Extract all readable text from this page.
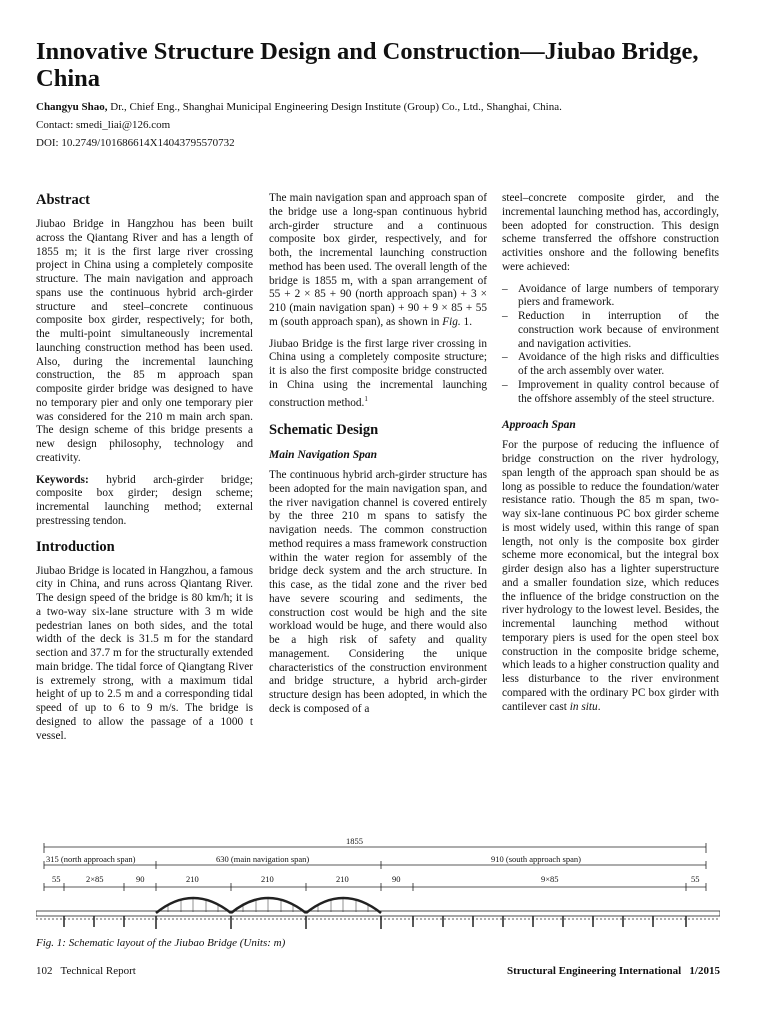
Innovative Structure Design and Construction—Jiubao Bridge, China
Changyu Shao, Dr., Chief Eng., Shanghai Municipal Engineering Design Institute (Group) Co., Ltd., Shanghai, China.
Contact: smedi_liai@126.com
DOI: 10.2749/101686614X14043795570732
Abstract

Jiubao Bridge in Hangzhou has been built across the Qiantang River and has a length of 1855 m; it is the first large river crossing project in China using a completely composite structure. The main navigation and approach spans use the continuous hybrid arch-girder structure and steel–concrete continuous composite box girder, respectively; for both, the multi-point simultaneously incremental launching construction method has been used. Also, during the incremental launching construction, the 85 m approach span composite girder bridge was designed to have no temporary pier and only one temporary pier was considered for the 210 m main arch span. The design scheme of this bridge presents a new design philosophy, technology and creativity.

Keywords: hybrid arch-girder bridge; composite box girder; design scheme; incremental launching method; external prestressing tendon.

Introduction

Jiubao Bridge is located in Hangzhou, a famous city in China, and runs across Qiantang River. The design speed of the bridge is 80 km/h; it is a two-way six-lane structure with 3 m wide pedestrian lanes on both sides, and the total width of the deck is 31.5 m for the standard section and 37.7 m for the structurally extended main bridge. The tidal force of Qiangtang River is extremely strong, with a maximum tidal height of up to 2.5 m and a corresponding tidal speed of up to 6 to 9 m/s. The bridge is designed to allow the passage of a 1000 t vessel.

The main navigation span and approach span of the bridge use a long-span continuous hybrid arch-girder structure and a continuous composite box girder, respectively, and for both, the incremental launching construction method has been used. The overall length of the bridge is 1855 m, with a span arrangement of 55 + 2 × 85 + 90 (north approach span) + 3 × 210 (main navigation span) + 90 + 9 × 85 + 55 m (south approach span), as shown in Fig. 1.

Jiubao Bridge is the first large river crossing in China using a completely composite structure; it is also the first composite bridge constructed in China using the incremental launching construction method.$^1$

Schematic Design
Main Navigation Span

The continuous hybrid arch-girder structure has been adopted for the main navigation span, and the river navigation channel is covered entirely by the three 210 m spans to satisfy the navigation needs. The common construction method requires a mass framework construction within the water region for assembly of the bridge deck system and the arch structure. In this case, as the tidal zone and the river bed have severe scouring and sediments, the construction cost would be high and the site workload would be huge, and there would also be a high risk of safety and quality management. Considering the unique characteristics of the construction environment and bridge structure, a hybrid arch-girder structure design has been adopted, in which the deck is composed of a

steel–concrete composite girder, and the incremental launching method has, accordingly, been adopted for construction. This design scheme transferred the offshore construction activities onshore and the following benefits were achieved:

– Avoidance of large numbers of temporary piers and framework.
– Reduction in interruption of the construction work because of environment and navigation activities.
– Avoidance of the high risks and difficulties of the arch assembly over water.
– Improvement in quality control because of the offshore assembly of the steel structure.
Approach Span

For the purpose of reducing the influence of bridge construction on the river hydrology, span length of the approach span should be as long as possible to reduce the foundation/water resistance ratio. Though the 85 m span, two-way six-lane continuous PC box girder scheme is most widely used, within this range of span length, not only is the composite box girder scheme more economical, but the integral box girder design also has a lighter superstructure and a smaller foundation size, which reduces the influence of the bridge construction on the river hydrology to the lowest level. Besides, the incremental launching method without temporary piers is used for the open steel box construction in the composite bridge scheme, which leads to a higher construction quality and less disturbance to the river environment compared with the ordinary PC box girder with cantilever cast in situ.

1855
315 (north approach span)	630 (main navigation span)	910 (south approach span)
55	2×85	90	210	210	210	90	9×85	55
Fig. 1: Schematic layout of the Jiubao Bridge (Units: m)
102   Technical Report	Structural Engineering International   1/2015
